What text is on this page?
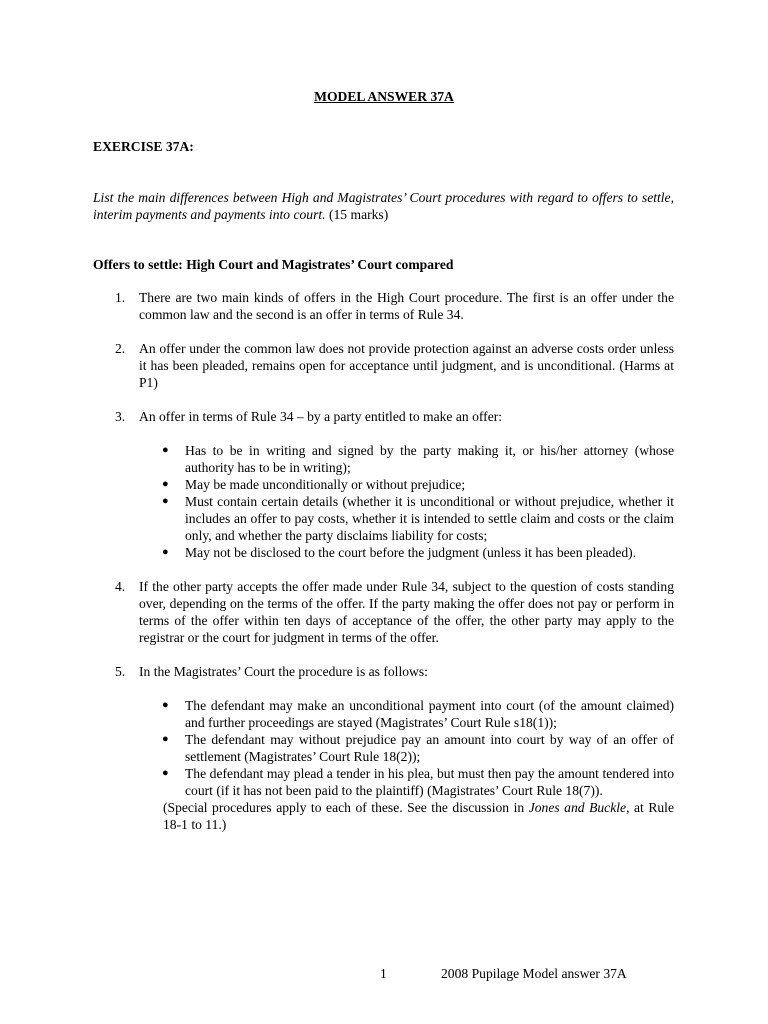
MODEL ANSWER 37A
EXERCISE 37A:
List the main differences between High and Magistrates’ Court procedures with regard to offers to settle, interim payments and payments into court. (15 marks)
Offers to settle: High Court and Magistrates’ Court compared
1. There are two main kinds of offers in the High Court procedure. The first is an offer under the common law and the second is an offer in terms of Rule 34.
2. An offer under the common law does not provide protection against an adverse costs order unless it has been pleaded, remains open for acceptance until judgment, and is unconditional. (Harms at P1)
3. An offer in terms of Rule 34 – by a party entitled to make an offer:
● Has to be in writing and signed by the party making it, or his/her attorney (whose authority has to be in writing);
● May be made unconditionally or without prejudice;
● Must contain certain details (whether it is unconditional or without prejudice, whether it includes an offer to pay costs, whether it is intended to settle claim and costs or the claim only, and whether the party disclaims liability for costs;
● May not be disclosed to the court before the judgment (unless it has been pleaded).
4. If the other party accepts the offer made under Rule 34, subject to the question of costs standing over, depending on the terms of the offer. If the party making the offer does not pay or perform in terms of the offer within ten days of acceptance of the offer, the other party may apply to the registrar or the court for judgment in terms of the offer.
5. In the Magistrates’ Court the procedure is as follows:
● The defendant may make an unconditional payment into court (of the amount claimed) and further proceedings are stayed (Magistrates’ Court Rule s18(1));
● The defendant may without prejudice pay an amount into court by way of an offer of settlement (Magistrates’ Court Rule 18(2));
● The defendant may plead a tender in his plea, but must then pay the amount tendered into court (if it has not been paid to the plaintiff) (Magistrates’ Court Rule 18(7)).
(Special procedures apply to each of these. See the discussion in Jones and Buckle, at Rule 18-1 to 11.)
1	2008 Pupilage Model answer 37A
